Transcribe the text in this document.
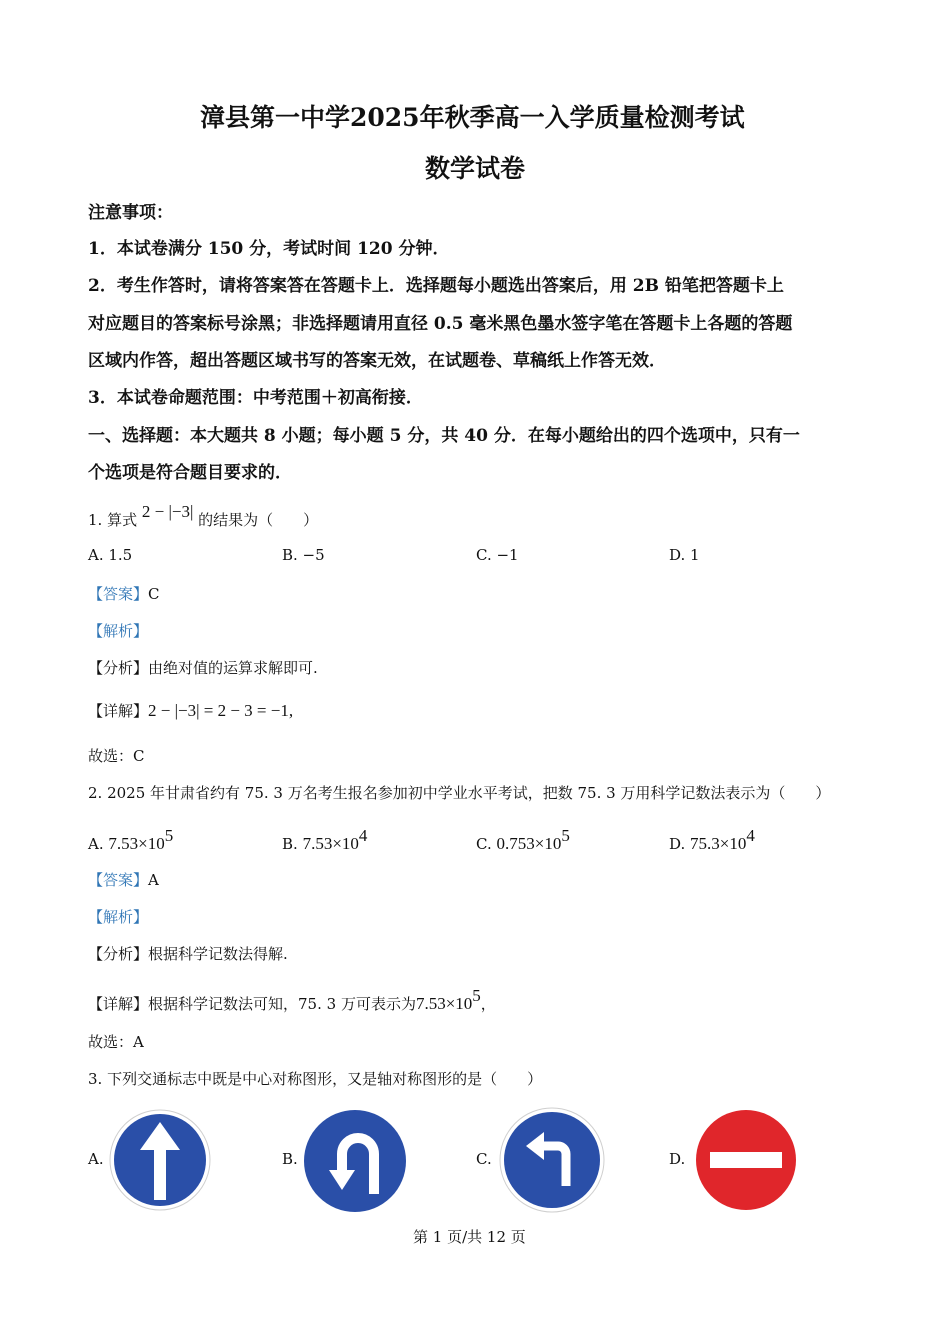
漳县第一中学2025年秋季高一入学质量检测考试
数学试卷
注意事项：
1．本试卷满分 150 分，考试时间 120 分钟．
2．考生作答时，请将答案答在答题卡上．选择题每小题选出答案后，用 2B 铅笔把答题卡上
对应题目的答案标号涂黑；非选择题请用直径 0.5 毫米黑色墨水签字笔在答题卡上各题的答题
区域内作答，超出答题区域书写的答案无效，在试题卷、草稿纸上作答无效．
3．本试卷命题范围：中考范围＋初高衔接．
一、选择题：本大题共 8 小题；每小题 5 分，共 40 分．在每小题给出的四个选项中，只有一
个选项是符合题目要求的．
1. 算式 2 − |−3| 的结果为（　　）
A. 1.5	B. −5	C. −1	D. 1
【答案】C
【解析】
【分析】由绝对值的运算求解即可.
【详解】2 − |−3| = 2 − 3 = −1,
故选：C
2. 2025 年甘肃省约有 75. 3 万名考生报名参加初中学业水平考试，把数 75. 3 万用科学记数法表示为（　　）
A. $7.53\times 10^5$	B. $7.53\times 10^4$	C. $0.753\times 10^5$	D. $75.3\times 10^4$
【答案】A
【解析】
【分析】根据科学记数法得解.
【详解】根据科学记数法可知，75. 3 万可表示为$7.53\times 10^5$，
故选：A
3. 下列交通标志中既是中心对称图形，又是轴对称图形的是（　　）
A.	B.	C.	D.
第 1 页/共 12 页
